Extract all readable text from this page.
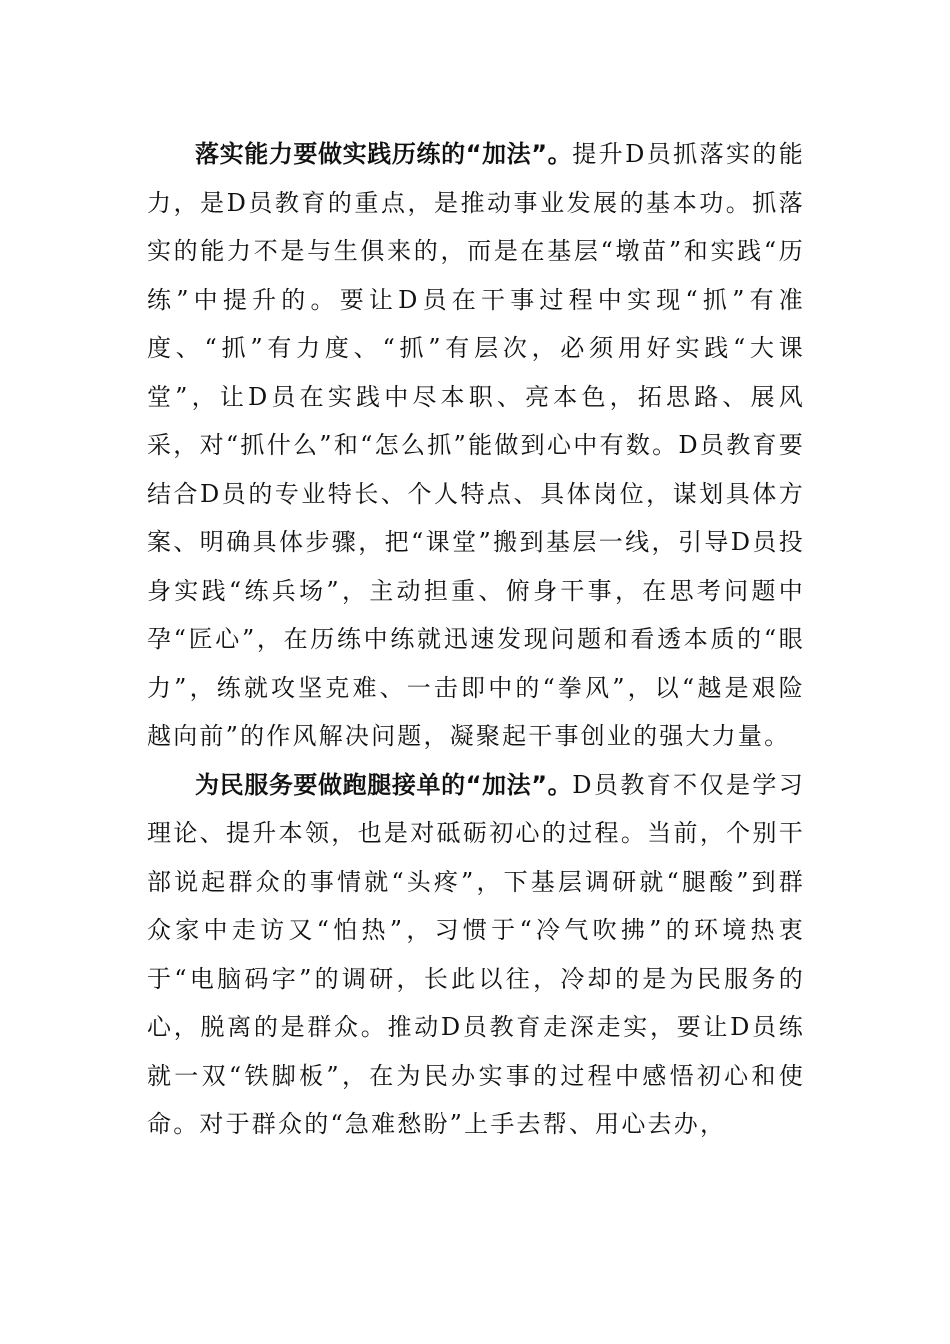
落实能力要做实践历练的“加法”。提升D员抓落实的能力，是D员教育的重点，是推动事业发展的基本功。抓落实的能力不是与生俱来的，而是在基层“墩苗”和实践“历练”中提升的。要让D员在干事过程中实现“抓”有准度、“抓”有力度、“抓”有层次，必须用好实践“大课堂”，让D员在实践中尽本职、亮本色，拓思路、展风采，对“抓什么”和“怎么抓”能做到心中有数。D员教育要结合D员的专业特长、个人特点、具体岗位，谋划具体方案、明确具体步骤，把“课堂”搬到基层一线，引导D员投身实践“练兵场”，主动担重、俯身干事，在思考问题中孕“匠心”，在历练中练就迅速发现问题和看透本质的“眼力”，练就攻坚克难、一击即中的“拳风”，以“越是艰险越向前”的作风解决问题，凝聚起干事创业的强大力量。

为民服务要做跑腿接单的“加法”。D员教育不仅是学习理论、提升本领，也是对砥砺初心的过程。当前，个别干部说起群众的事情就“头疼”，下基层调研就“腿酸”到群众家中走访又“怕热”，习惯于“冷气吹拂”的环境热衷于“电脑码字”的调研，长此以往，冷却的是为民服务的心，脱离的是群众。推动D员教育走深走实，要让D员练就一双“铁脚板”，在为民办实事的过程中感悟初心和使命。对于群众的“急难愁盼”上手去帮、用心去办，
